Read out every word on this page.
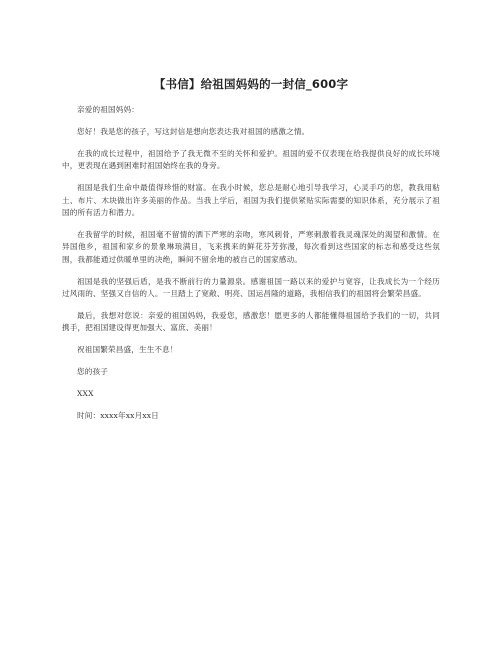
【书信】给祖国妈妈的一封信_600字

亲爱的祖国妈妈：

您好！我是您的孩子，写这封信是想向您表达我对祖国的感激之情。

在我的成长过程中，祖国给予了我无微不至的关怀和爱护。祖国的爱不仅表现在给我提供良好的成长环境中，更表现在遇到困难时祖国始终在我的身旁。

祖国是我们生命中最值得珍惜的财富。在我小时候，您总是耐心地引导我学习，心灵手巧的您，教我用粘土、布片、木块做出许多美丽的作品。当我上学后，祖国为我们提供紧贴实际需要的知识体系，充分展示了祖国的所有活力和潜力。

在我留学的时候，祖国毫不留情的洒下严寒的亲吻，寒风刺骨，严寒刺激着我灵魂深处的渴望和激情。在异国他乡，祖国和家乡的景象琳琅满目，飞来携来的鲜花芬芳弥漫，每次看到这些国家的标志和感受这些氛围，我都能通过供暖单里的决绝，瞬间不留余地的被自己的国家感动。

祖国是我的坚强后盾，是我不断前行的力量源泉。感谢祖国一路以来的爱护与宽容，让我成长为一个经历过风雨的、坚强又自信的人。一旦踏上了宽敞、明亮、国运昌隆的道路，我相信我们的祖国将会繁荣昌盛。

最后，我想对您说：亲爱的祖国妈妈，我爱您，感激您！愿更多的人都能懂得祖国给予我们的一切，共同携手，把祖国建设得更加强大、富庶、美丽！

祝祖国繁荣昌盛，生生不息！

您的孩子

XXX

时间：xxxx年xx月xx日
